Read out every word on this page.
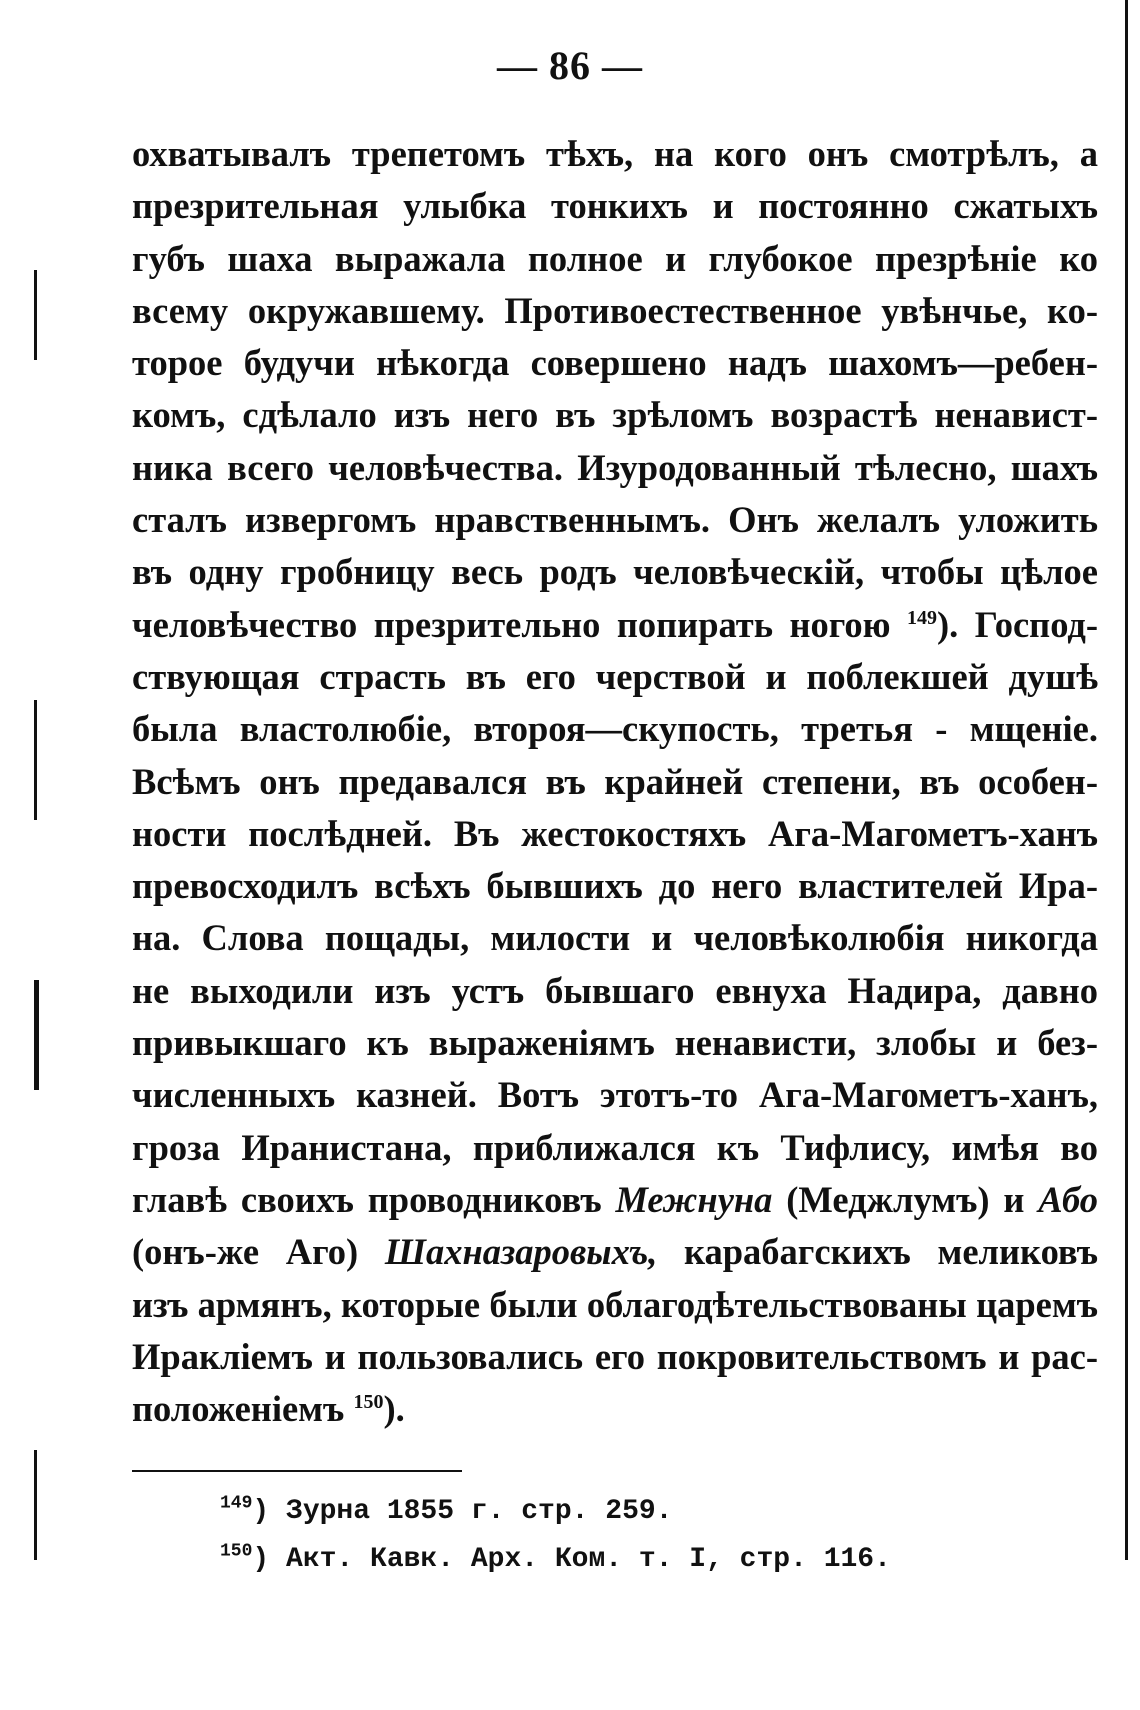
— 86 —
охватывалъ трепетомъ тѣхъ, на кого онъ смотрѣлъ, а
презрительная улыбка тонкихъ и постоянно сжатыхъ
губъ шаха выражала полное и глубокое презрѣніе ко
всему окружавшему. Противоестественное увѣнчье, ко-
торое будучи нѣкогда совершено надъ шахомъ—ребен-
комъ, сдѣлало изъ него въ зрѣломъ возрастѣ ненавист-
ника всего человѣчества. Изуродованный тѣлесно, шахъ
сталъ извергомъ нравственнымъ. Онъ желалъ уложить
въ одну гробницу весь родъ человѣческій, чтобы цѣлое
человѣчество презрительно попирать ногою $^{149}$). Господ-
ствующая страсть въ его черствой и поблекшей душѣ
была властолюбіе, второя—скупость, третья - мщеніе.
Всѣмъ онъ предавался въ крайней степени, въ особен-
ности послѣдней. Въ жестокостяхъ Ага-Магометъ-ханъ
превосходилъ всѣхъ бывшихъ до него властителей Ира-
на. Слова пощады, милости и человѣколюбія никогда
не выходили изъ устъ бывшаго евнуха Надира, давно
привыкшаго къ выраженіямъ ненависти, злобы и без-
численныхъ казней. Вотъ этотъ-то Ага-Магометъ-ханъ,
гроза Иранистана, приближался къ Тифлису, имѣя во
главѣ своихъ проводниковъ Межнуна (Меджлумъ) и Або
(онъ-же Аго) Шахназаровыхъ, карабагскихъ меликовъ
изъ армянъ, которые были облагодѣтельствованы царемъ
Ираклiемъ и пользовались его покровительствомъ и рас-
положеніемъ $^{150}$).
$^{149}$) Зурна 1855 г. стр. 259.
$^{150}$) Акт. Кавк. Арх. Ком. т. I, стр. 116.
